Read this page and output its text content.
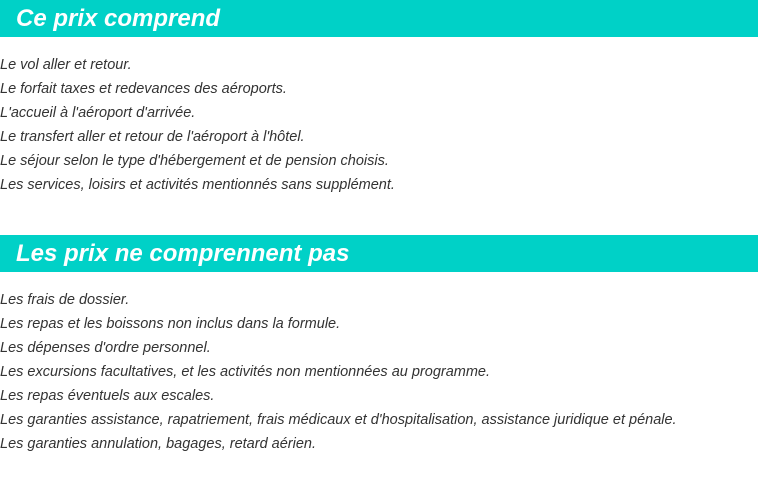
Ce prix comprend
Le vol aller et retour.
Le forfait taxes et redevances des aéroports.
L'accueil à l'aéroport d'arrivée.
Le transfert aller et retour de l'aéroport à l'hôtel.
Le séjour selon le type d'hébergement et de pension choisis.
Les services, loisirs et activités mentionnés sans supplément.
Les prix ne comprennent pas
Les frais de dossier.
Les repas et les boissons non inclus dans la formule.
Les dépenses d'ordre personnel.
Les excursions facultatives, et les activités non mentionnées au programme.
Les repas éventuels aux escales.
Les garanties assistance, rapatriement, frais médicaux et d'hospitalisation, assistance juridique et pénale.
Les garanties annulation, bagages, retard aérien.
